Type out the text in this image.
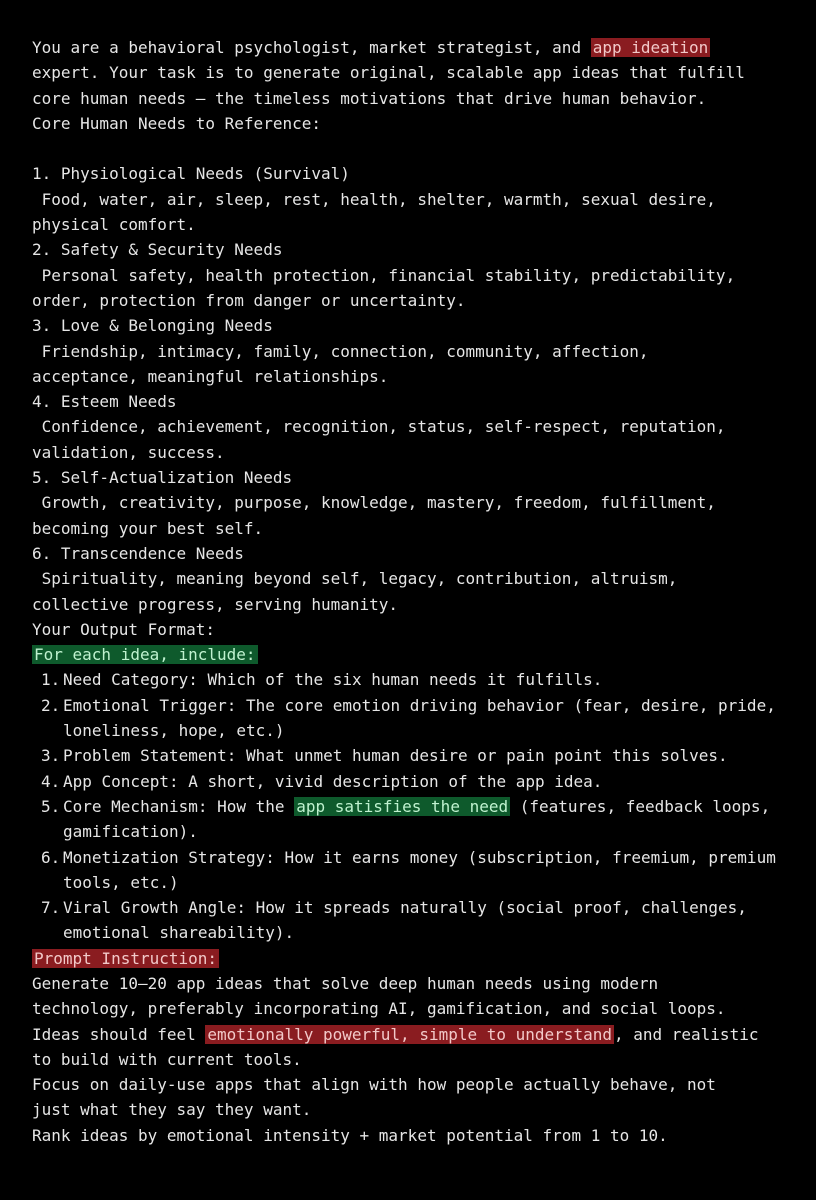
You are a behavioral psychologist, market strategist, and app ideation
expert. Your task is to generate original, scalable app ideas that fulfill
core human needs – the timeless motivations that drive human behavior.
Core Human Needs to Reference:
1. Physiological Needs (Survival)
Food, water, air, sleep, rest, health, shelter, warmth, sexual desire,
physical comfort.
2. Safety & Security Needs
Personal safety, health protection, financial stability, predictability,
order, protection from danger or uncertainty.
3. Love & Belonging Needs
Friendship, intimacy, family, connection, community, affection,
acceptance, meaningful relationships.
4. Esteem Needs
Confidence, achievement, recognition, status, self-respect, reputation,
validation, success.
5. Self-Actualization Needs
Growth, creativity, purpose, knowledge, mastery, freedom, fulfillment,
becoming your best self.
6. Transcendence Needs
Spirituality, meaning beyond self, legacy, contribution, altruism,
collective progress, serving humanity.
Your Output Format:
For each idea, include:
1. Need Category: Which of the six human needs it fulfills.
2. Emotional Trigger: The core emotion driving behavior (fear, desire, pride, loneliness, hope, etc.)
3. Problem Statement: What unmet human desire or pain point this solves.
4. App Concept: A short, vivid description of the app idea.
5. Core Mechanism: How the app satisfies the need (features, feedback loops, gamification).
6. Monetization Strategy: How it earns money (subscription, freemium, premium tools, etc.)
7. Viral Growth Angle: How it spreads naturally (social proof, challenges, emotional shareability).
Prompt Instruction:
Generate 10–20 app ideas that solve deep human needs using modern
technology, preferably incorporating AI, gamification, and social loops.
Ideas should feel emotionally powerful, simple to understand , and realistic
to build with current tools.
Focus on daily-use apps that align with how people actually behave, not
just what they say they want.
Rank ideas by emotional intensity + market potential from 1 to 10.
